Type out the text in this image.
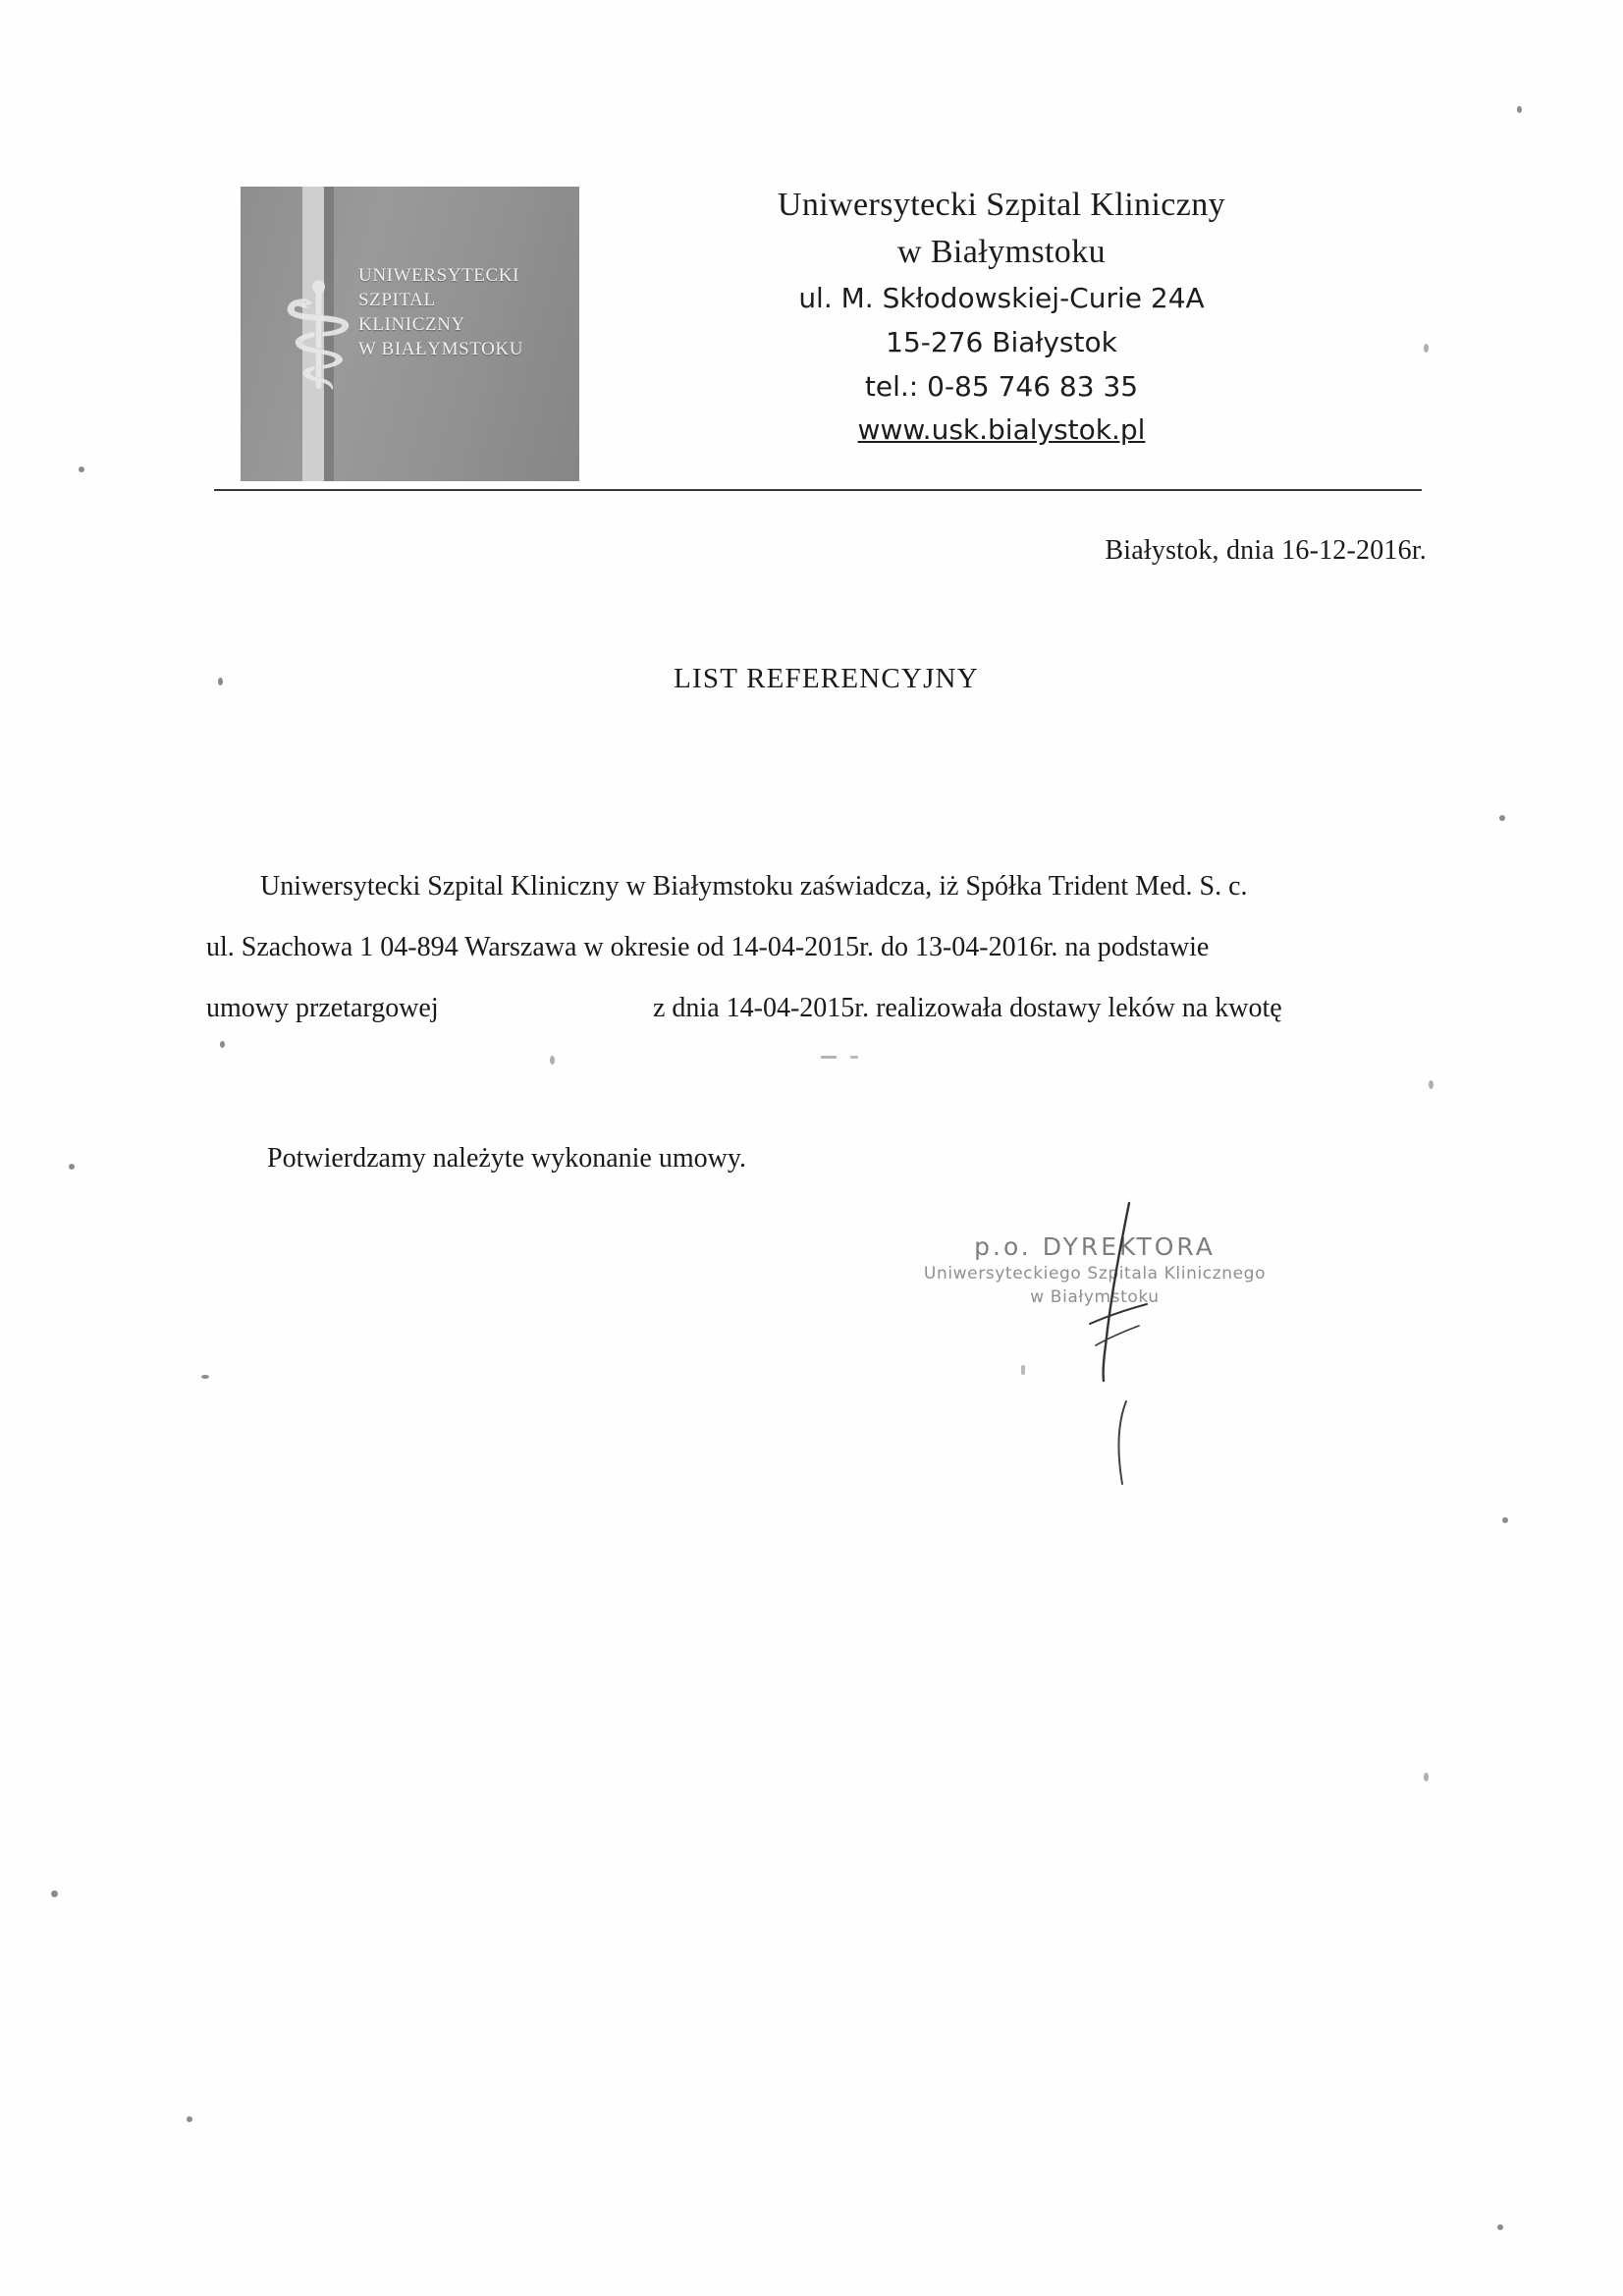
⚕ UNIWERSYTECKI
SZPITAL
KLINICZNY
W BIAŁYMSTOKU
Uniwersytecki Szpital Kliniczny
w Białymstoku
ul. M. Skłodowskiej-Curie 24A
15-276 Białystok
tel.: 0-85 746 83 35
www.usk.bialystok.pl
Białystok, dnia 16-12-2016r.
LIST REFERENCYJNY
Uniwersytecki Szpital Kliniczny w Białymstoku zaświadcza, iż Spółka Trident Med. S. c.
ul. Szachowa 1 04-894 Warszawa w okresie od 14-04-2015r. do 13-04-2016r. na podstawie
umowy przetargowej	z dnia 14-04-2015r. realizowała dostawy leków na kwotę
Potwierdzamy należyte wykonanie umowy.
p.o. DYREKTORA
Uniwersyteckiego Szpitala Klinicznego
w Białymstoku
